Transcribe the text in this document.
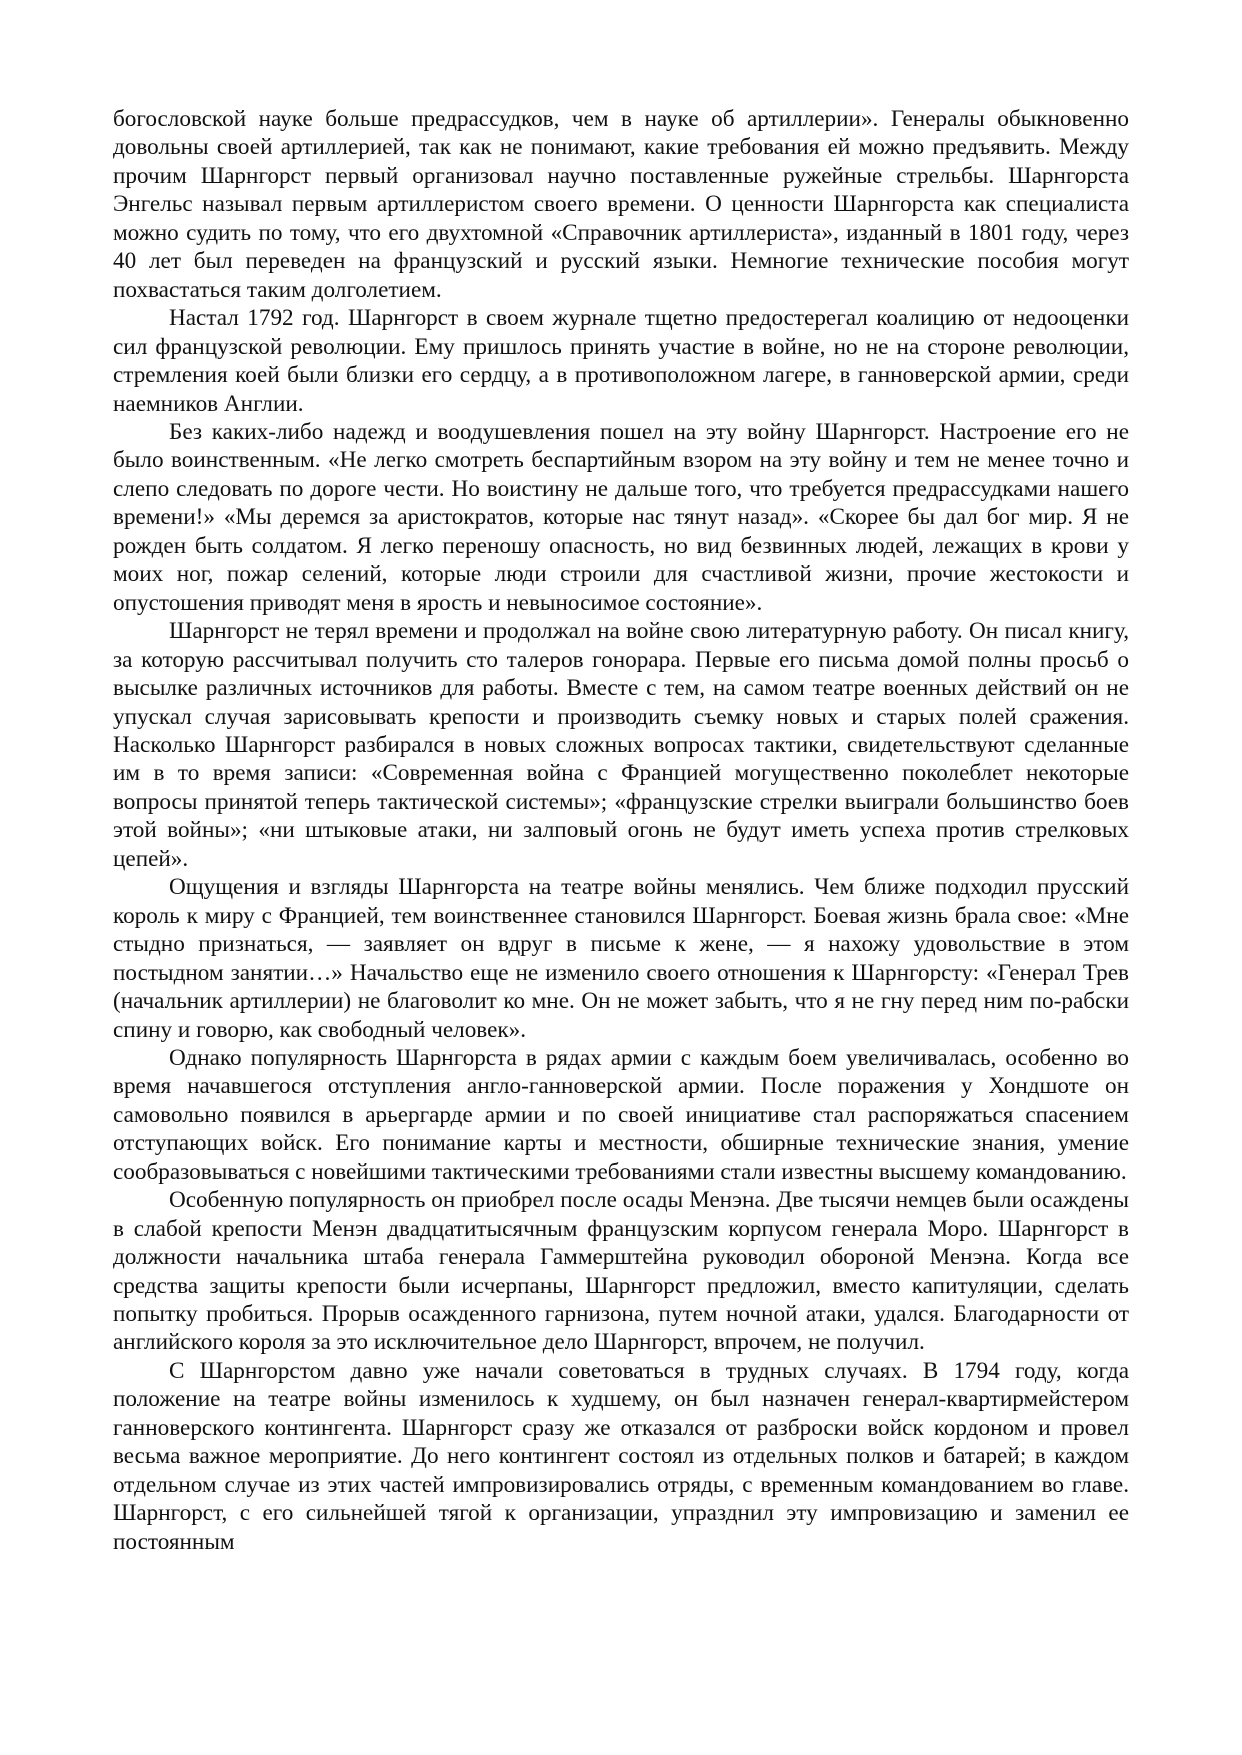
богословской науке больше предрассудков, чем в науке об артиллерии». Генералы обыкновенно довольны своей артиллерией, так как не понимают, какие требования ей можно предъявить. Между прочим Шарнгорст первый организовал научно поставленные ружейные стрельбы. Шарнгорста Энгельс называл первым артиллеристом своего времени. О ценности Шарнгорста как специалиста можно судить по тому, что его двухтомной «Справочник артиллериста», изданный в 1801 году, через 40 лет был переведен на французский и русский языки. Немногие технические пособия могут похвастаться таким долголетием.

Настал 1792 год. Шарнгорст в своем журнале тщетно предостерегал коалицию от недооценки сил французской революции. Ему пришлось принять участие в войне, но не на стороне революции, стремления коей были близки его сердцу, а в противоположном лагере, в ганноверской армии, среди наемников Англии.

Без каких-либо надежд и воодушевления пошел на эту войну Шарнгорст. Настроение его не было воинственным. «Не легко смотреть беспартийным взором на эту войну и тем не менее точно и слепо следовать по дороге чести. Но воистину не дальше того, что требуется предрассудками нашего времени!» «Мы деремся за аристократов, которые нас тянут назад». «Скорее бы дал бог мир. Я не рожден быть солдатом. Я легко переношу опасность, но вид безвинных людей, лежащих в крови у моих ног, пожар селений, которые люди строили для счастливой жизни, прочие жестокости и опустошения приводят меня в ярость и невыносимое состояние».

Шарнгорст не терял времени и продолжал на войне свою литературную работу. Он писал книгу, за которую рассчитывал получить сто талеров гонорара. Первые его письма домой полны просьб о высылке различных источников для работы. Вместе с тем, на самом театре военных действий он не упускал случая зарисовывать крепости и производить съемку новых и старых полей сражения. Насколько Шарнгорст разбирался в новых сложных вопросах тактики, свидетельствуют сделанные им в то время записи: «Современная война с Францией могущественно поколеблет некоторые вопросы принятой теперь тактической системы»; «французские стрелки выиграли большинство боев этой войны»; «ни штыковые атаки, ни залповый огонь не будут иметь успеха против стрелковых цепей».

Ощущения и взгляды Шарнгорста на театре войны менялись. Чем ближе подходил прусский король к миру с Францией, тем воинственнее становился Шарнгорст. Боевая жизнь брала свое: «Мне стыдно признаться, — заявляет он вдруг в письме к жене, — я нахожу удовольствие в этом постыдном занятии…» Начальство еще не изменило своего отношения к Шарнгорсту: «Генерал Трев (начальник артиллерии) не благоволит ко мне. Он не может забыть, что я не гну перед ним по-рабски спину и говорю, как свободный человек».

Однако популярность Шарнгорста в рядах армии с каждым боем увеличивалась, особенно во время начавшегося отступления англо-ганноверской армии. После поражения у Хондшоте он самовольно появился в арьергарде армии и по своей инициативе стал распоряжаться спасением отступающих войск. Его понимание карты и местности, обширные технические знания, умение сообразовываться с новейшими тактическими требованиями стали известны высшему командованию.

Особенную популярность он приобрел после осады Менэна. Две тысячи немцев были осаждены в слабой крепости Менэн двадцатитысячным французским корпусом генерала Моро. Шарнгорст в должности начальника штаба генерала Гаммерштейна руководил обороной Менэна. Когда все средства защиты крепости были исчерпаны, Шарнгорст предложил, вместо капитуляции, сделать попытку пробиться. Прорыв осажденного гарнизона, путем ночной атаки, удался. Благодарности от английского короля за это исключительное дело Шарнгорст, впрочем, не получил.

С Шарнгорстом давно уже начали советоваться в трудных случаях. В 1794 году, когда положение на театре войны изменилось к худшему, он был назначен генерал-квартирмейстером ганноверского контингента. Шарнгорст сразу же отказался от разброски войск кордоном и провел весьма важное мероприятие. До него контингент состоял из отдельных полков и батарей; в каждом отдельном случае из этих частей импровизировались отряды, с временным командованием во главе. Шарнгорст, с его сильнейшей тягой к организации, упразднил эту импровизацию и заменил ее постоянным
